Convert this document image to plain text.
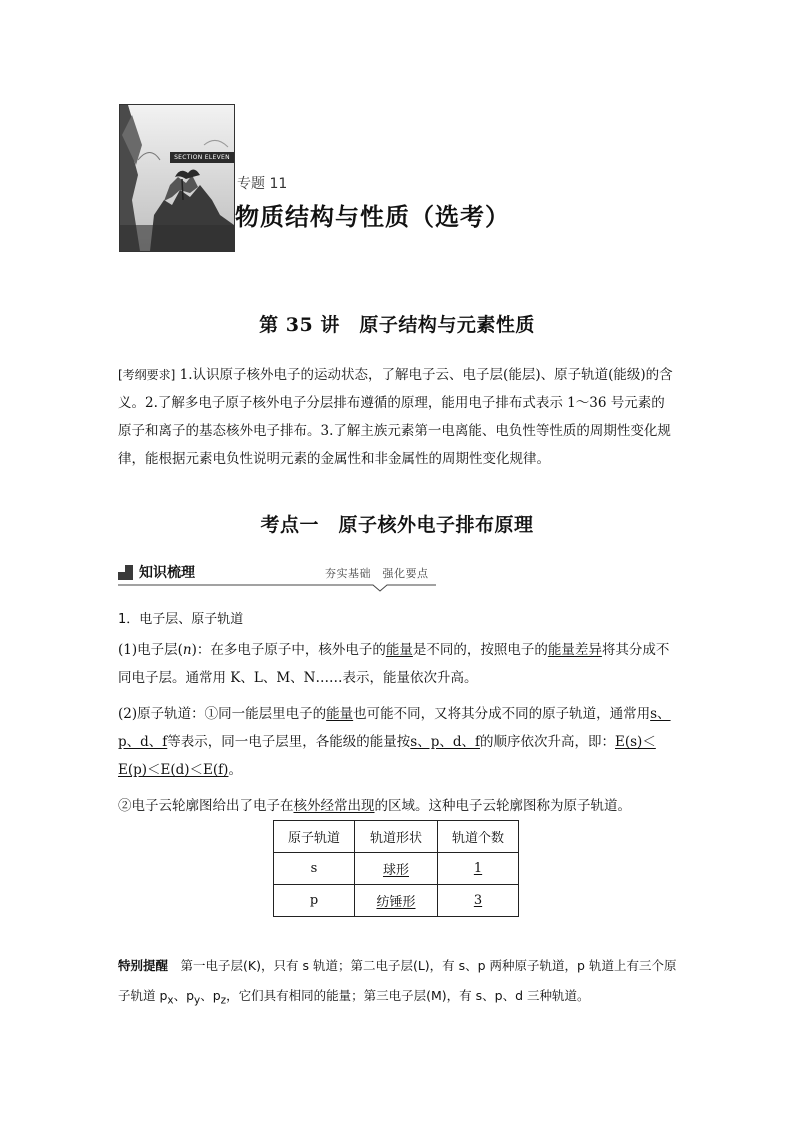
SECTION ELEVEN
专题 11
物质结构与性质（选考）
第 35 讲　原子结构与元素性质
[考纲要求] 1.认识原子核外电子的运动状态，了解电子云、电子层(能层)、原子轨道(能级)的含义。2.了解多电子原子核外电子分层排布遵循的原理，能用电子排布式表示 1～36 号元素的原子和离子的基态核外电子排布。3.了解主族元素第一电离能、电负性等性质的周期性变化规律，能根据元素电负性说明元素的金属性和非金属性的周期性变化规律。
考点一　原子核外电子排布原理
知识梳理	夯实基础　强化要点
1．电子层、原子轨道
(1)电子层(n)：在多电子原子中，核外电子的能量是不同的，按照电子的能量差异将其分成不同电子层。通常用 K、L、M、N……表示，能量依次升高。
(2)原子轨道：①同一能层里电子的能量也可能不同，又将其分成不同的原子轨道，通常用s、p、d、f等表示，同一电子层里，各能级的能量按s、p、d、f的顺序依次升高，即：E(s)＜E(p)＜E(d)＜E(f)。
②电子云轮廓图给出了电子在核外经常出现的区域。这种电子云轮廓图称为原子轨道。
原子轨道	轨道形状	轨道个数
s	球形	1
p	纺锤形	3
特别提醒　 第一电子层(K)，只有 s 轨道；第二电子层(L)，有 s、p 两种原子轨道，p 轨道上有三个原子轨道 $p_x$、$p_y$、$p_z$，它们具有相同的能量；第三电子层(M)，有 s、p、d 三种轨道。
